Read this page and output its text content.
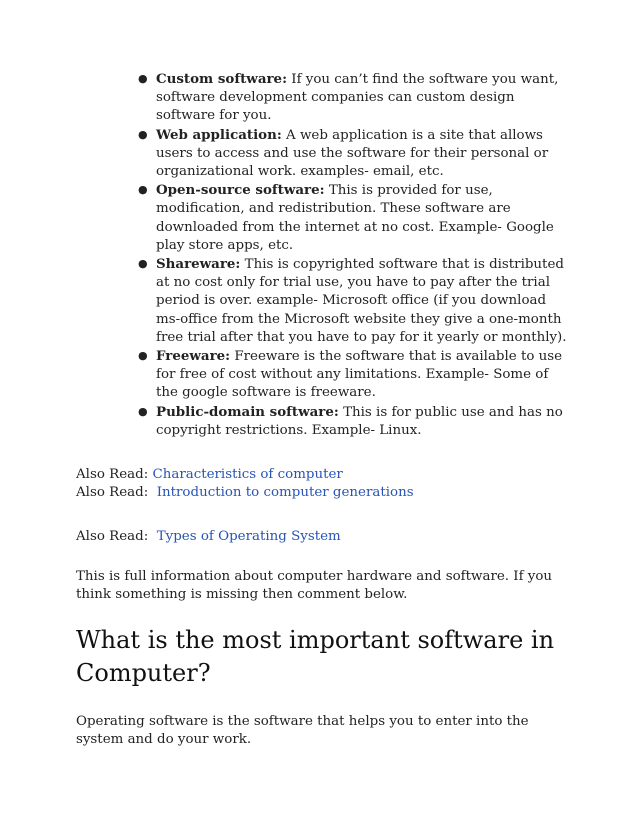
● Custom software: If you can’t find the software you want, software development companies can custom design software for you.
● Web application: A web application is a site that allows users to access and use the software for their personal or organizational work. examples- email, etc.
● Open-source software: This is provided for use, modification, and redistribution. These software are downloaded from the internet at no cost. Example- Google play store apps, etc.
● Shareware: This is copyrighted software that is distributed at no cost only for trial use, you have to pay after the trial period is over. example- Microsoft office (if you download ms-office from the Microsoft website they give a one-month free trial after that you have to pay for it yearly or monthly).
● Freeware: Freeware is the software that is available to use for free of cost without any limitations. Example- Some of the google software is freeware.
● Public-domain software: This is for public use and has no copyright restrictions. Example- Linux.

Also Read: Characteristics of computer
Also Read:  Introduction to computer generations

Also Read:  Types of Operating System

This is full information about computer hardware and software. If you think something is missing then comment below.

What is the most important software in Computer?

Operating software is the software that helps you to enter into the system and do your work.
